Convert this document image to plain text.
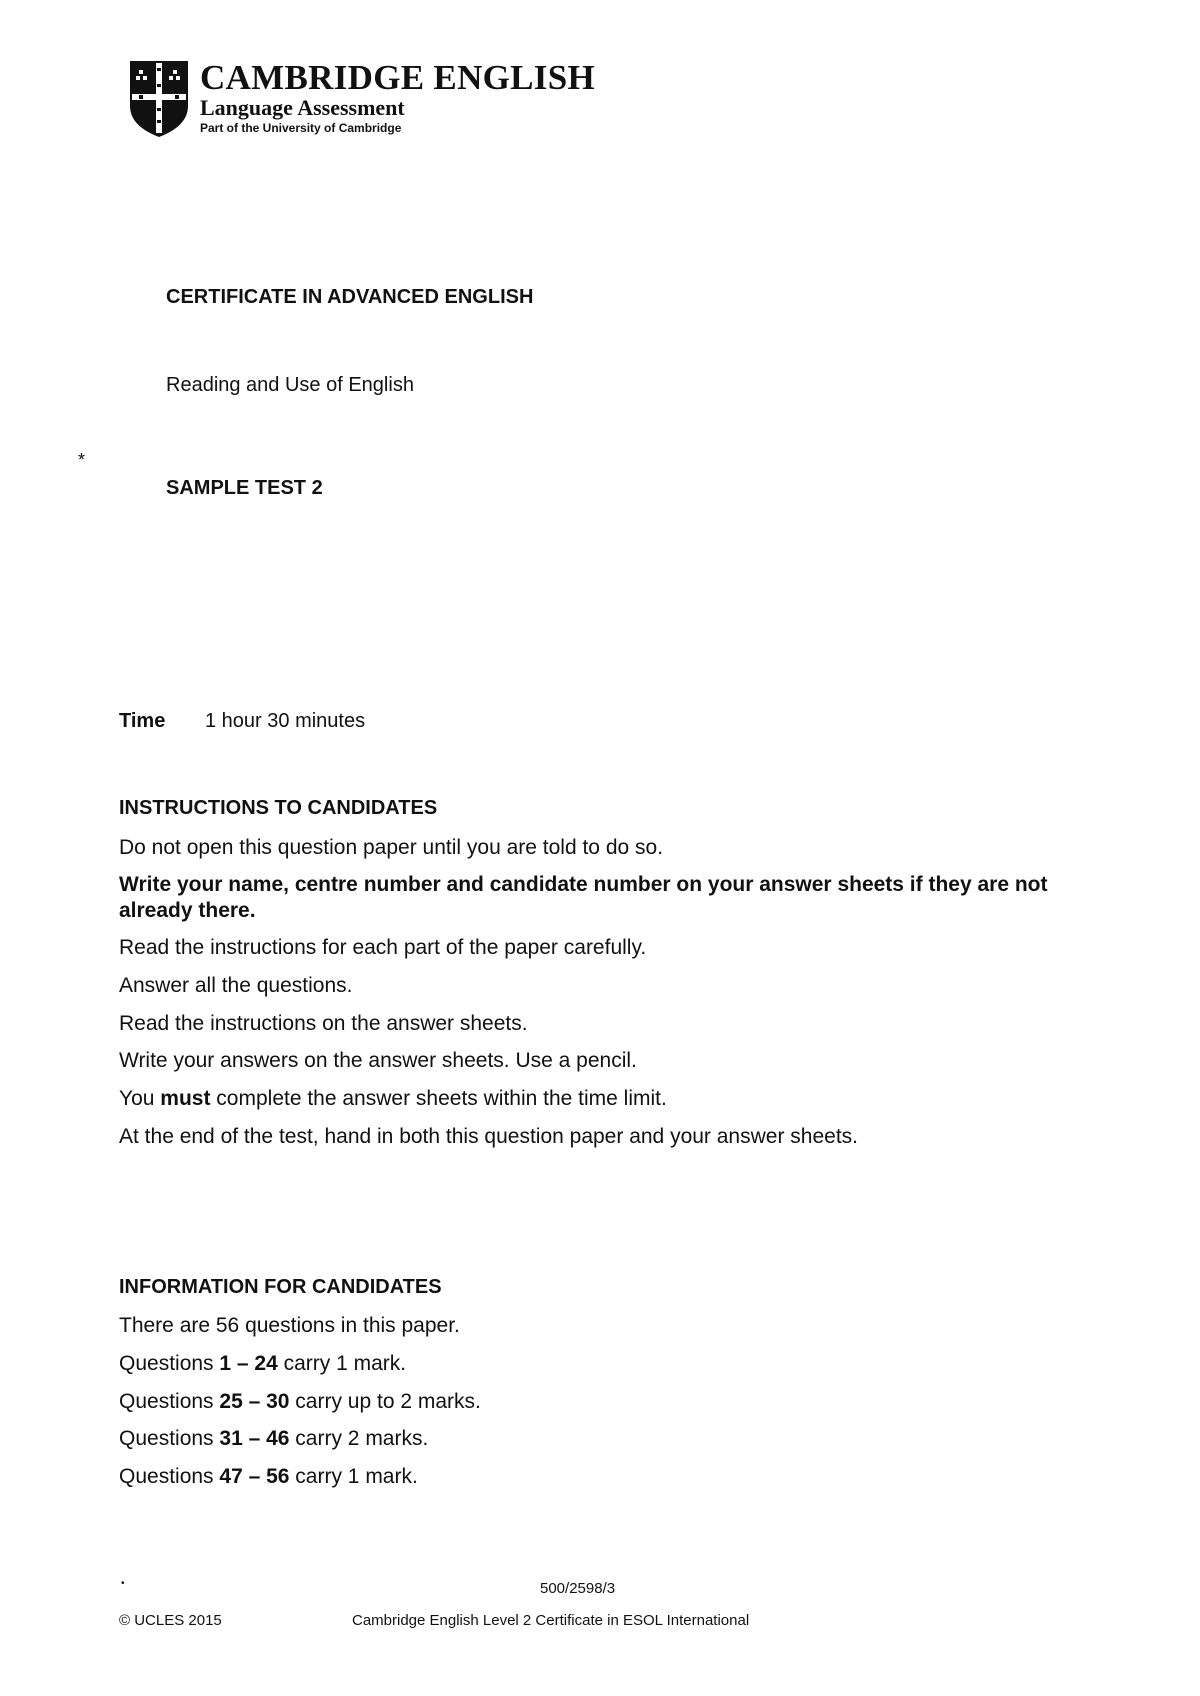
CAMBRIDGE ENGLISH
Language Assessment
Part of the University of Cambridge
CERTIFICATE IN ADVANCED ENGLISH
Reading and Use of English
*
SAMPLE TEST 2
Time 1 hour 30 minutes
INSTRUCTIONS TO CANDIDATES
Do not open this question paper until you are told to do so.
Write your name, centre number and candidate number on your answer sheets if they are not already there.
Read the instructions for each part of the paper carefully.
Answer all the questions.
Read the instructions on the answer sheets.
Write your answers on the answer sheets. Use a pencil.
You must complete the answer sheets within the time limit.
At the end of the test, hand in both this question paper and your answer sheets.
INFORMATION FOR CANDIDATES
There are 56 questions in this paper.
Questions 1 – 24 carry 1 mark.
Questions 25 – 30 carry up to 2 marks.
Questions 31 – 46 carry 2 marks.
Questions 47 – 56 carry 1 mark.
•	500/2598/3
© UCLES 2015	Cambridge English Level 2 Certificate in ESOL International
